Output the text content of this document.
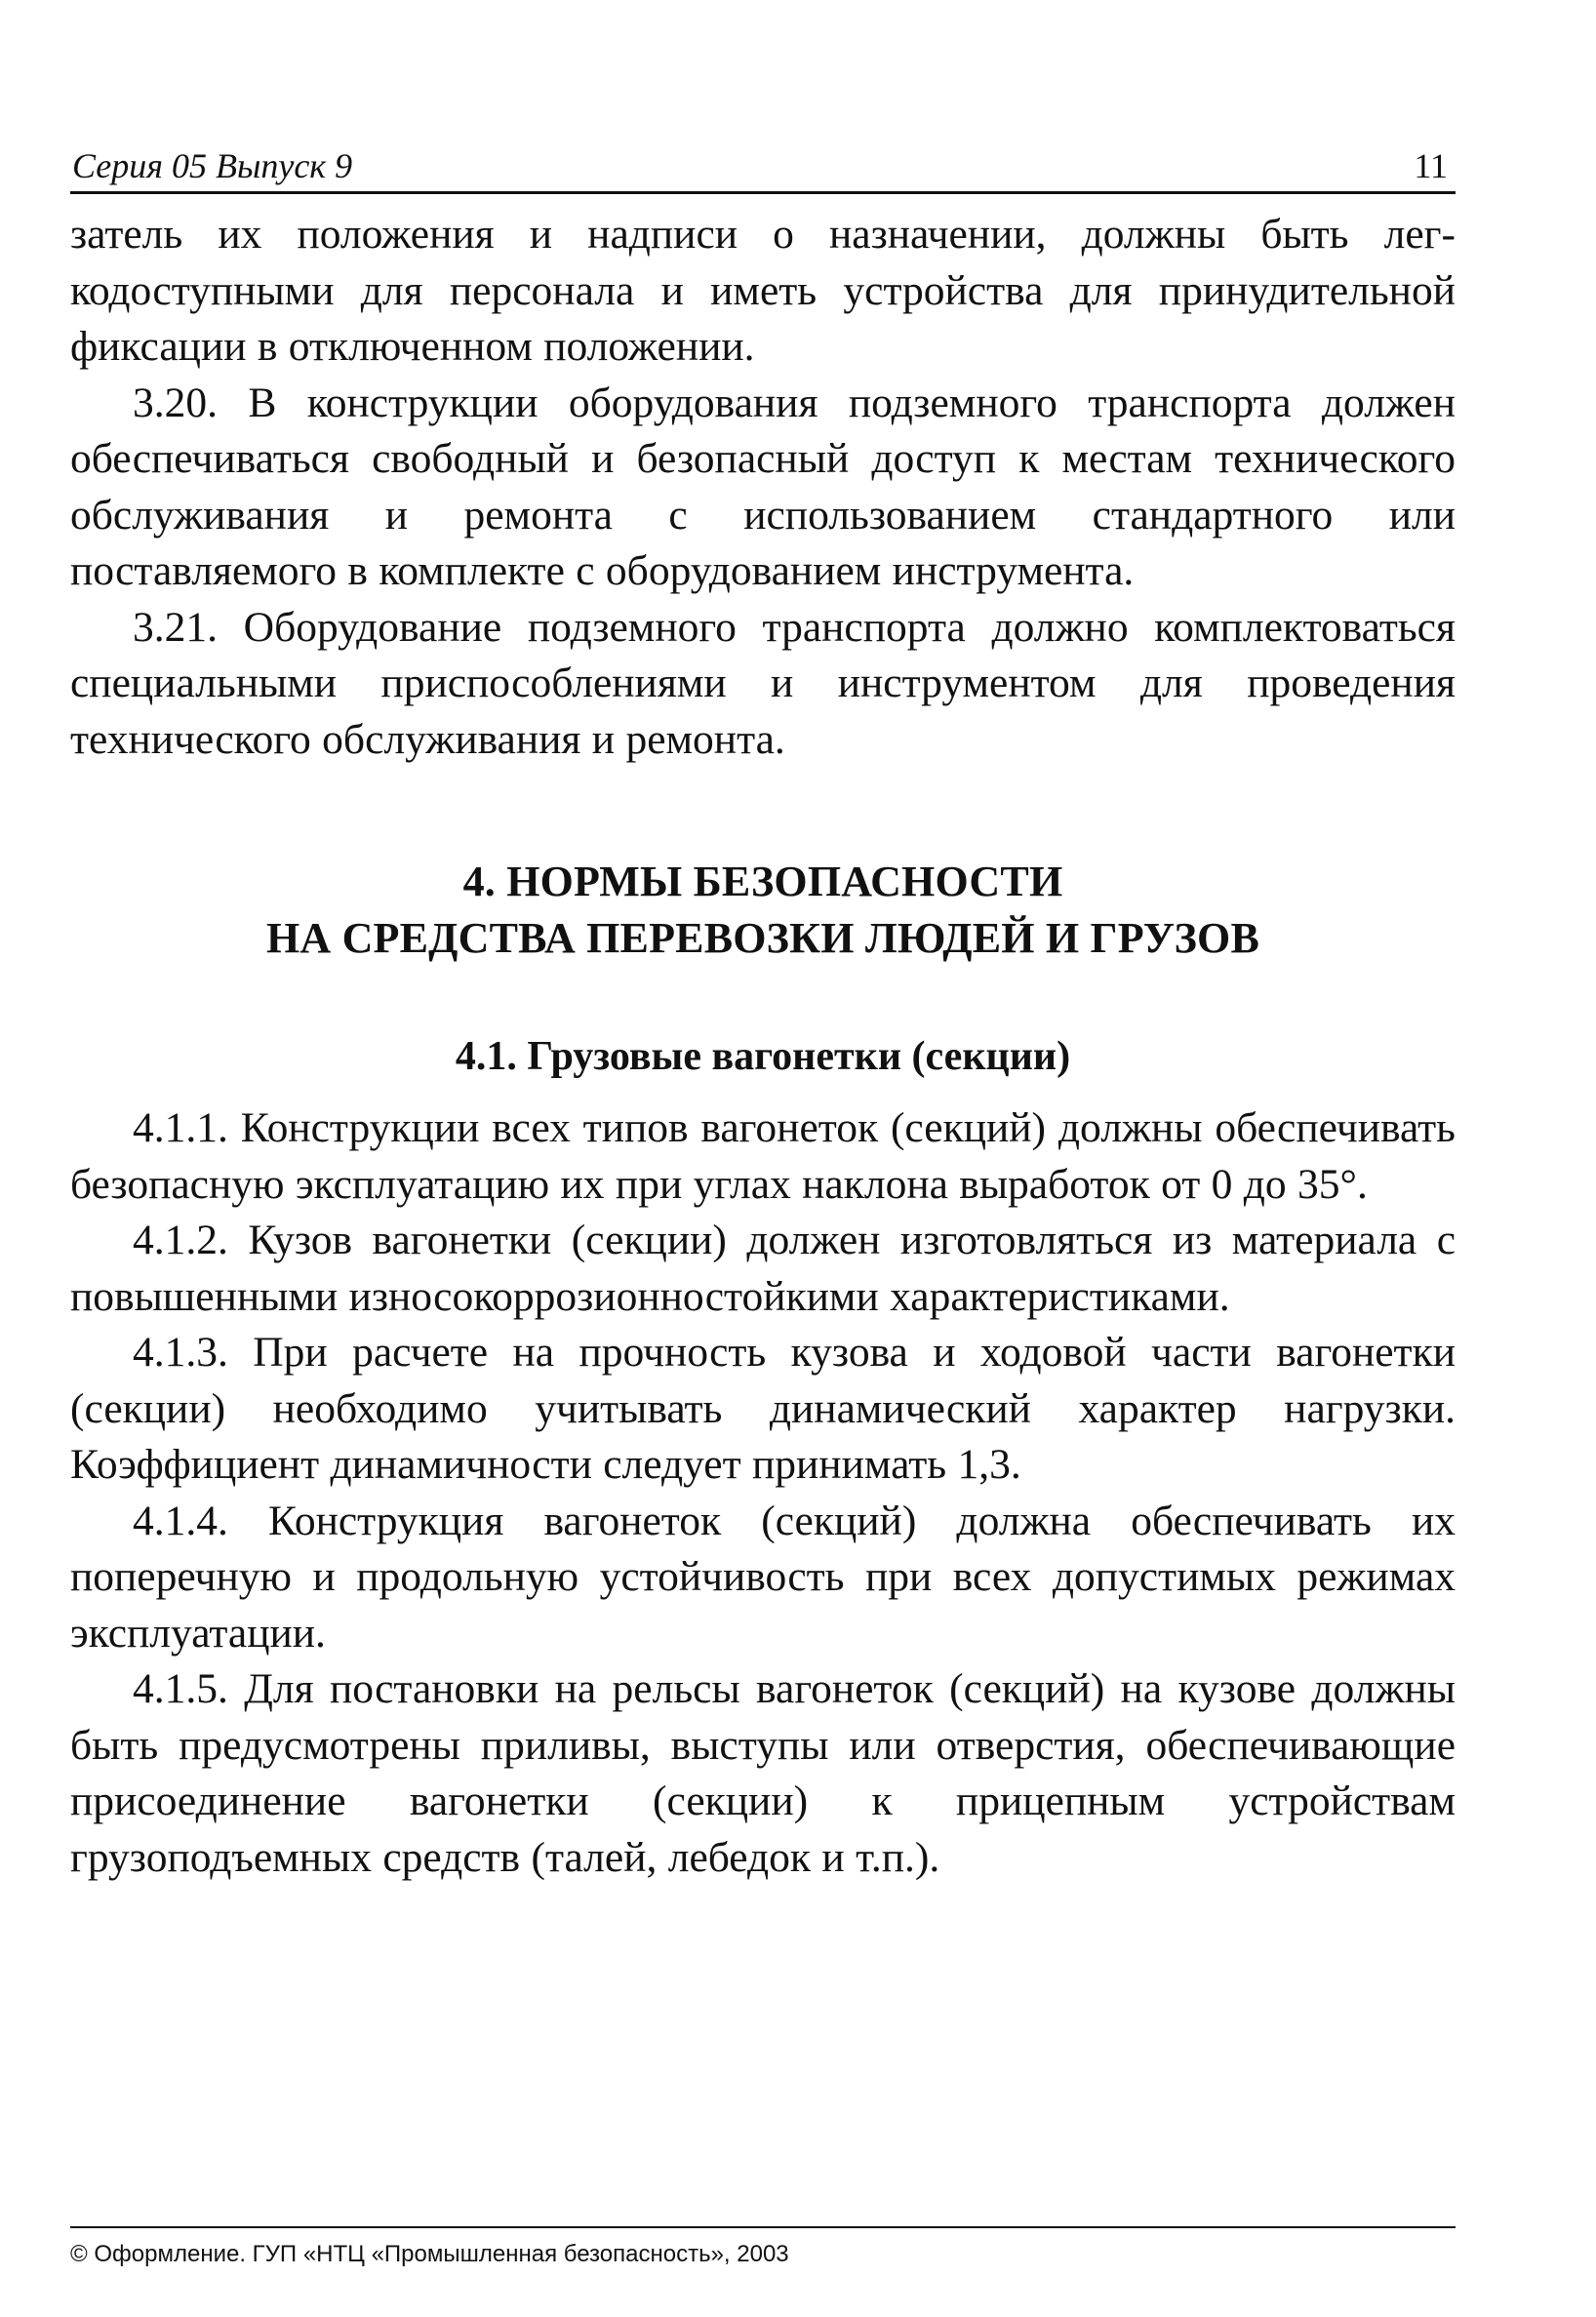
Серия 05 Выпуск 9	11

затель их положения и надписи о назначении, должны быть легкодоступными для персонала и иметь устройства для принудительной фиксации в отключенном положении.

3.20. В конструкции оборудования подземного транспорта должен обеспечиваться свободный и безопасный доступ к местам технического обслуживания и ремонта с использованием стандартного или поставляемого в комплекте с оборудованием инструмента.

3.21. Оборудование подземного транспорта должно комплектоваться специальными приспособлениями и инструментом для проведения технического обслуживания и ремонта.

4. НОРМЫ БЕЗОПАСНОСТИ
НА СРЕДСТВА ПЕРЕВОЗКИ ЛЮДЕЙ И ГРУЗОВ
4.1. Грузовые вагонетки (секции)

4.1.1. Конструкции всех типов вагонеток (секций) должны обеспечивать безопасную эксплуатацию их при углах наклона выработок от 0 до 35°.

4.1.2. Кузов вагонетки (секции) должен изготовляться из материала с повышенными износокоррозионностойкими характеристиками.

4.1.3. При расчете на прочность кузова и ходовой части вагонетки (секции) необходимо учитывать динамический характер нагрузки. Коэффициент динамичности следует принимать 1,3.

4.1.4. Конструкция вагонеток (секций) должна обеспечивать их поперечную и продольную устойчивость при всех допустимых режимах эксплуатации.

4.1.5. Для постановки на рельсы вагонеток (секций) на кузове должны быть предусмотрены приливы, выступы или отверстия, обеспечивающие присоединение вагонетки (секции) к прицепным устройствам грузоподъемных средств (талей, лебедок и т.п.).

© Оформление. ГУП «НТЦ «Промышленная безопасность», 2003
